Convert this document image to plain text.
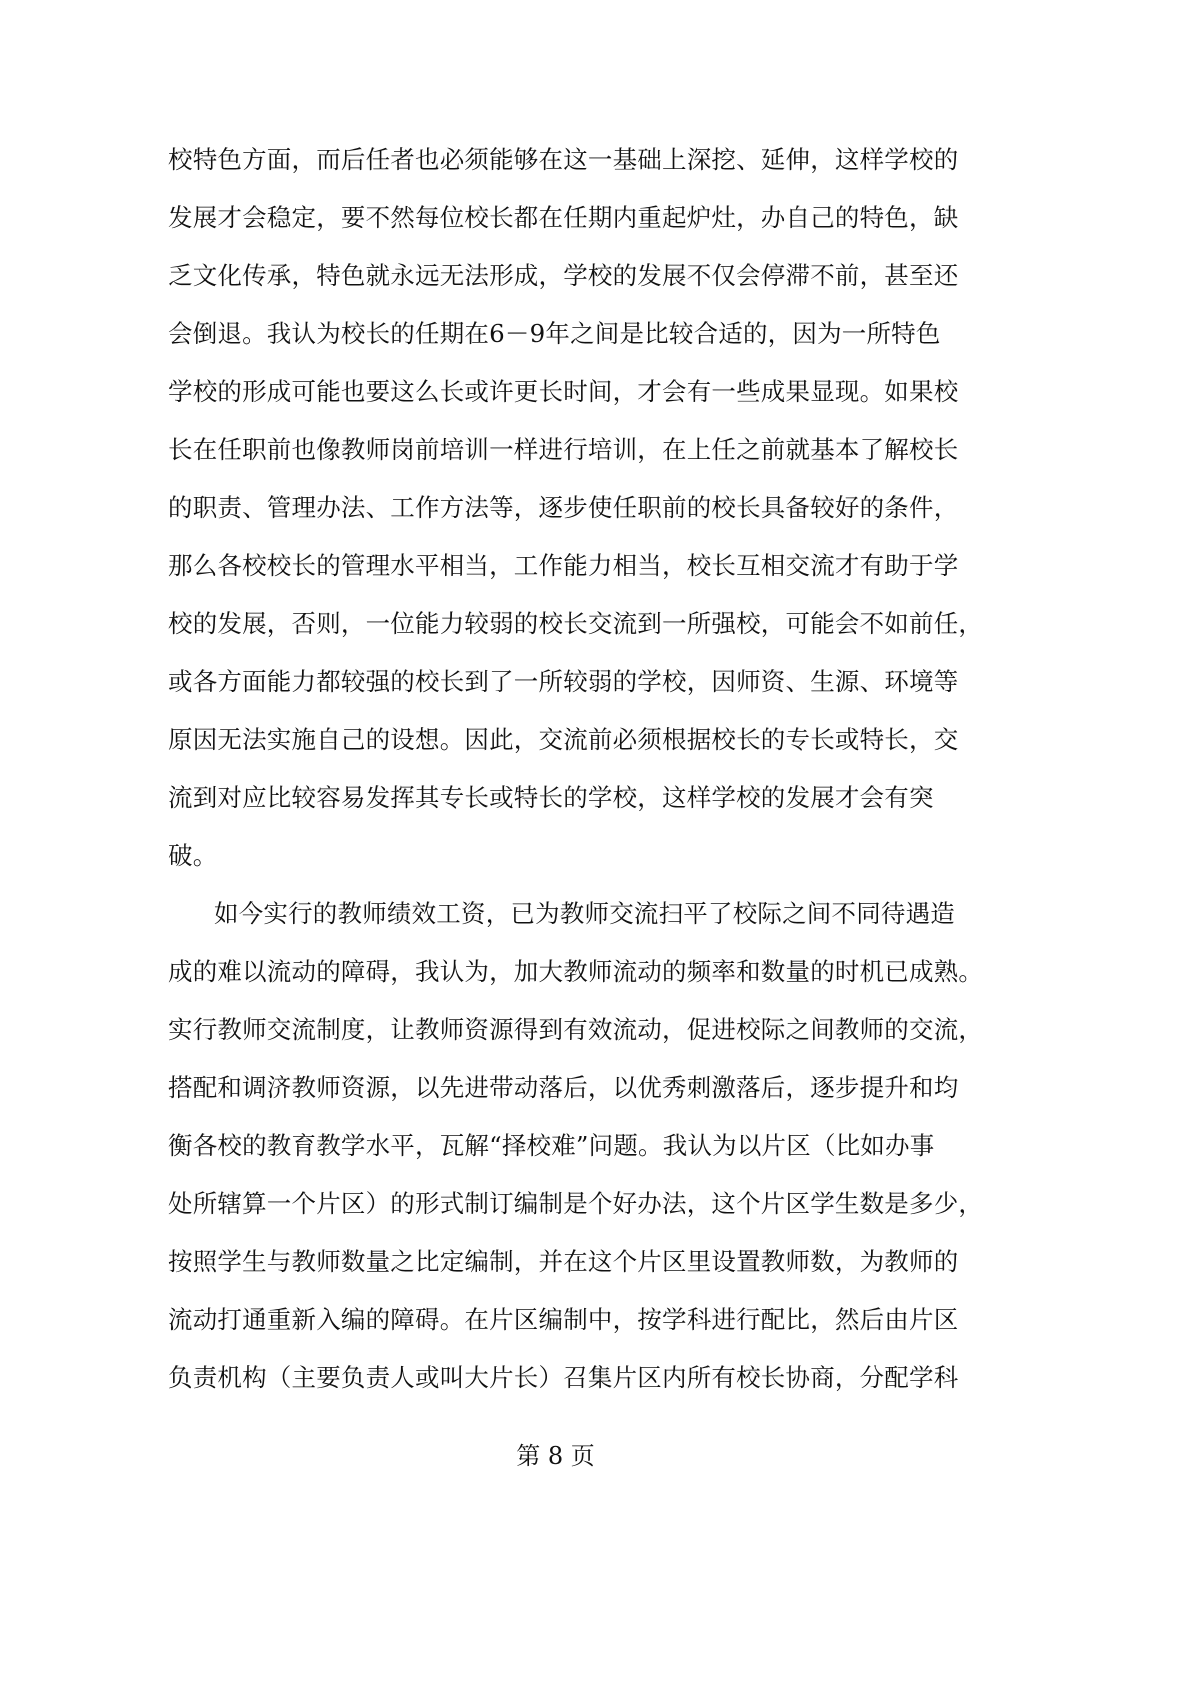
校特色方面，而后任者也必须能够在这一基础上深挖、延伸，这样学校的
发展才会稳定，要不然每位校长都在任期内重起炉灶，办自己的特色，缺
乏文化传承，特色就永远无法形成，学校的发展不仅会停滞不前，甚至还
会倒退。我认为校长的任期在6－9年之间是比较合适的，因为一所特色
学校的形成可能也要这么长或许更长时间，才会有一些成果显现。如果校
长在任职前也像教师岗前培训一样进行培训，在上任之前就基本了解校长
的职责、管理办法、工作方法等，逐步使任职前的校长具备较好的条件，
那么各校校长的管理水平相当，工作能力相当，校长互相交流才有助于学
校的发展，否则，一位能力较弱的校长交流到一所强校，可能会不如前任，
或各方面能力都较强的校长到了一所较弱的学校，因师资、生源、环境等
原因无法实施自己的设想。因此，交流前必须根据校长的专长或特长，交
流到对应比较容易发挥其专长或特长的学校，这样学校的发展才会有突
破。
如今实行的教师绩效工资，已为教师交流扫平了校际之间不同待遇造
成的难以流动的障碍，我认为，加大教师流动的频率和数量的时机已成熟。
实行教师交流制度，让教师资源得到有效流动，促进校际之间教师的交流，
搭配和调济教师资源，以先进带动落后，以优秀刺激落后，逐步提升和均
衡各校的教育教学水平，瓦解“择校难”问题。我认为以片区（比如办事
处所辖算一个片区）的形式制订编制是个好办法，这个片区学生数是多少，
按照学生与教师数量之比定编制，并在这个片区里设置教师数，为教师的
流动打通重新入编的障碍。在片区编制中，按学科进行配比，然后由片区
负责机构（主要负责人或叫大片长）召集片区内所有校长协商，分配学科
第 8 页
